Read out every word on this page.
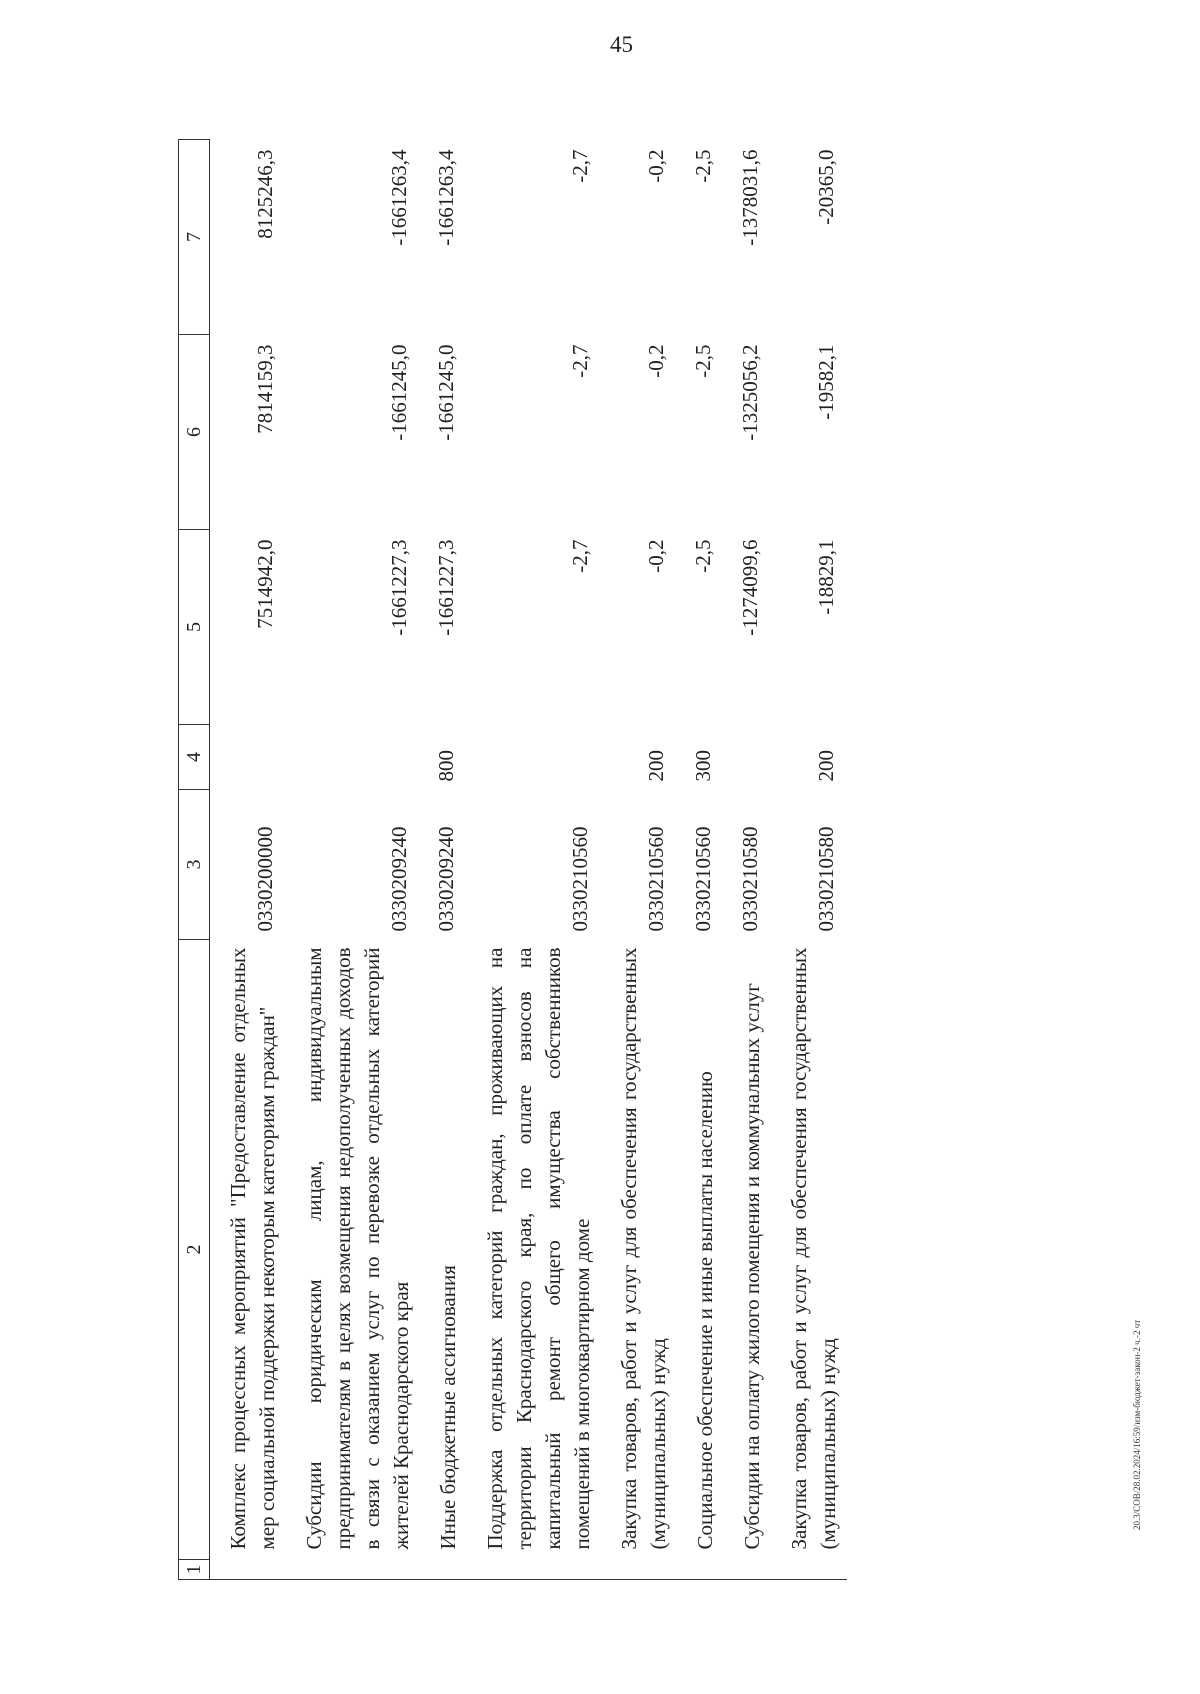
45
1	2	3	4	5	6	7
	Комплекс процессных мероприятий "Предоставление отдельных мер социальной поддержки некоторым категориям граждан"	0330200000		7514942,0	7814159,3	8125246,3
	Субсидии юридическим лицам, индивидуальным предпринимателям в целях возмещения недополученных доходов в связи с оказанием услуг по перевозке отдельных категорий жителей Краснодарского края	0330209240		-1661227,3	-1661245,0	-1661263,4
	Иные бюджетные ассигнования	0330209240	800	-1661227,3	-1661245,0	-1661263,4
	Поддержка отдельных категорий граждан, проживающих на территории Краснодарского края, по оплате взносов на капитальный ремонт общего имущества собственников помещений в многоквартирном доме	0330210560		-2,7	-2,7	-2,7
	Закупка товаров, работ и услуг для обеспечения государственных (муниципальных) нужд	0330210560	200	-0,2	-0,2	-0,2
	Социальное обеспечение и иные выплаты населению	0330210560	300	-2,5	-2,5	-2,5
	Субсидии на оплату жилого помещения и коммунальных услуг	0330210580		-1274099,6	-1325056,2	-1378031,6
	Закупка товаров, работ и услуг для обеспечения государственных (муниципальных) нужд	0330210580	200	-18829,1	-19582,1	-20365,0
20.3/СОВ/28.02.2024/16:59/изм-бюджет-закон-2 ч.-2 чт
